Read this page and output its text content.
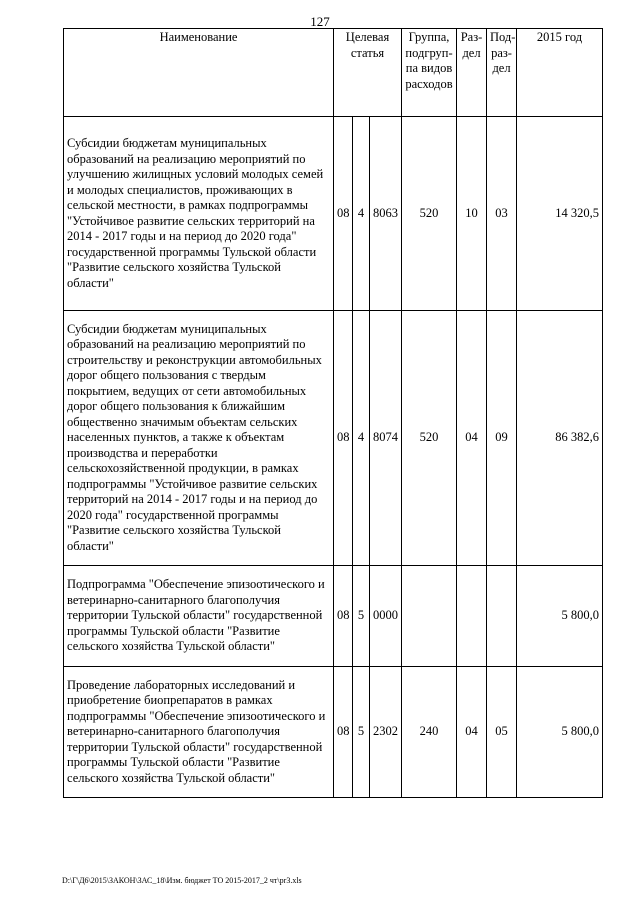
127
Наименование	Целевая статья			Группа, подгруп-па видов расходов	Раз-дел	Под-раз-дел	2015 год
Субсидии бюджетам муниципальных образований на реализацию мероприятий по улучшению жилищных условий молодых семей и молодых специалистов, проживающих в сельской местности, в рамках подпрограммы "Устойчивое развитие сельских территорий на 2014 - 2017 годы и на период до 2020 года" государственной программы Тульской области "Развитие сельского хозяйства Тульской области"	08	4	8063	520	10	03	14 320,5
Субсидии бюджетам муниципальных образований на реализацию мероприятий по строительству и реконструкции автомобильных дорог общего пользования с твердым покрытием, ведущих от сети автомобильных дорог общего пользования к ближайшим общественно значимым объектам сельских населенных пунктов, а также к объектам производства и переработки сельскохозяйственной продукции, в рамках подпрограммы "Устойчивое развитие сельских территорий на 2014 - 2017 годы и на период до 2020 года" государственной программы "Развитие сельского хозяйства Тульской области"	08	4	8074	520	04	09	86 382,6
Подпрограмма "Обеспечение эпизоотического и ветеринарно-санитарного благополучия территории Тульской области" государственной программы Тульской области "Развитие сельского хозяйства Тульской области"	08	5	0000				5 800,0
Проведение лабораторных исследований и приобретение биопрепаратов в рамках подпрограммы "Обеспечение эпизоотического и ветеринарно-санитарного благополучия территории Тульской области" государственной программы Тульской области "Развитие сельского хозяйства Тульской области"	08	5	2302	240	04	05	5 800,0
D:\Г\Д6\2015\ЗАКОН\ЗАС_18\Изм. бюджет ТО 2015-2017_2 чт\pr3.xls
